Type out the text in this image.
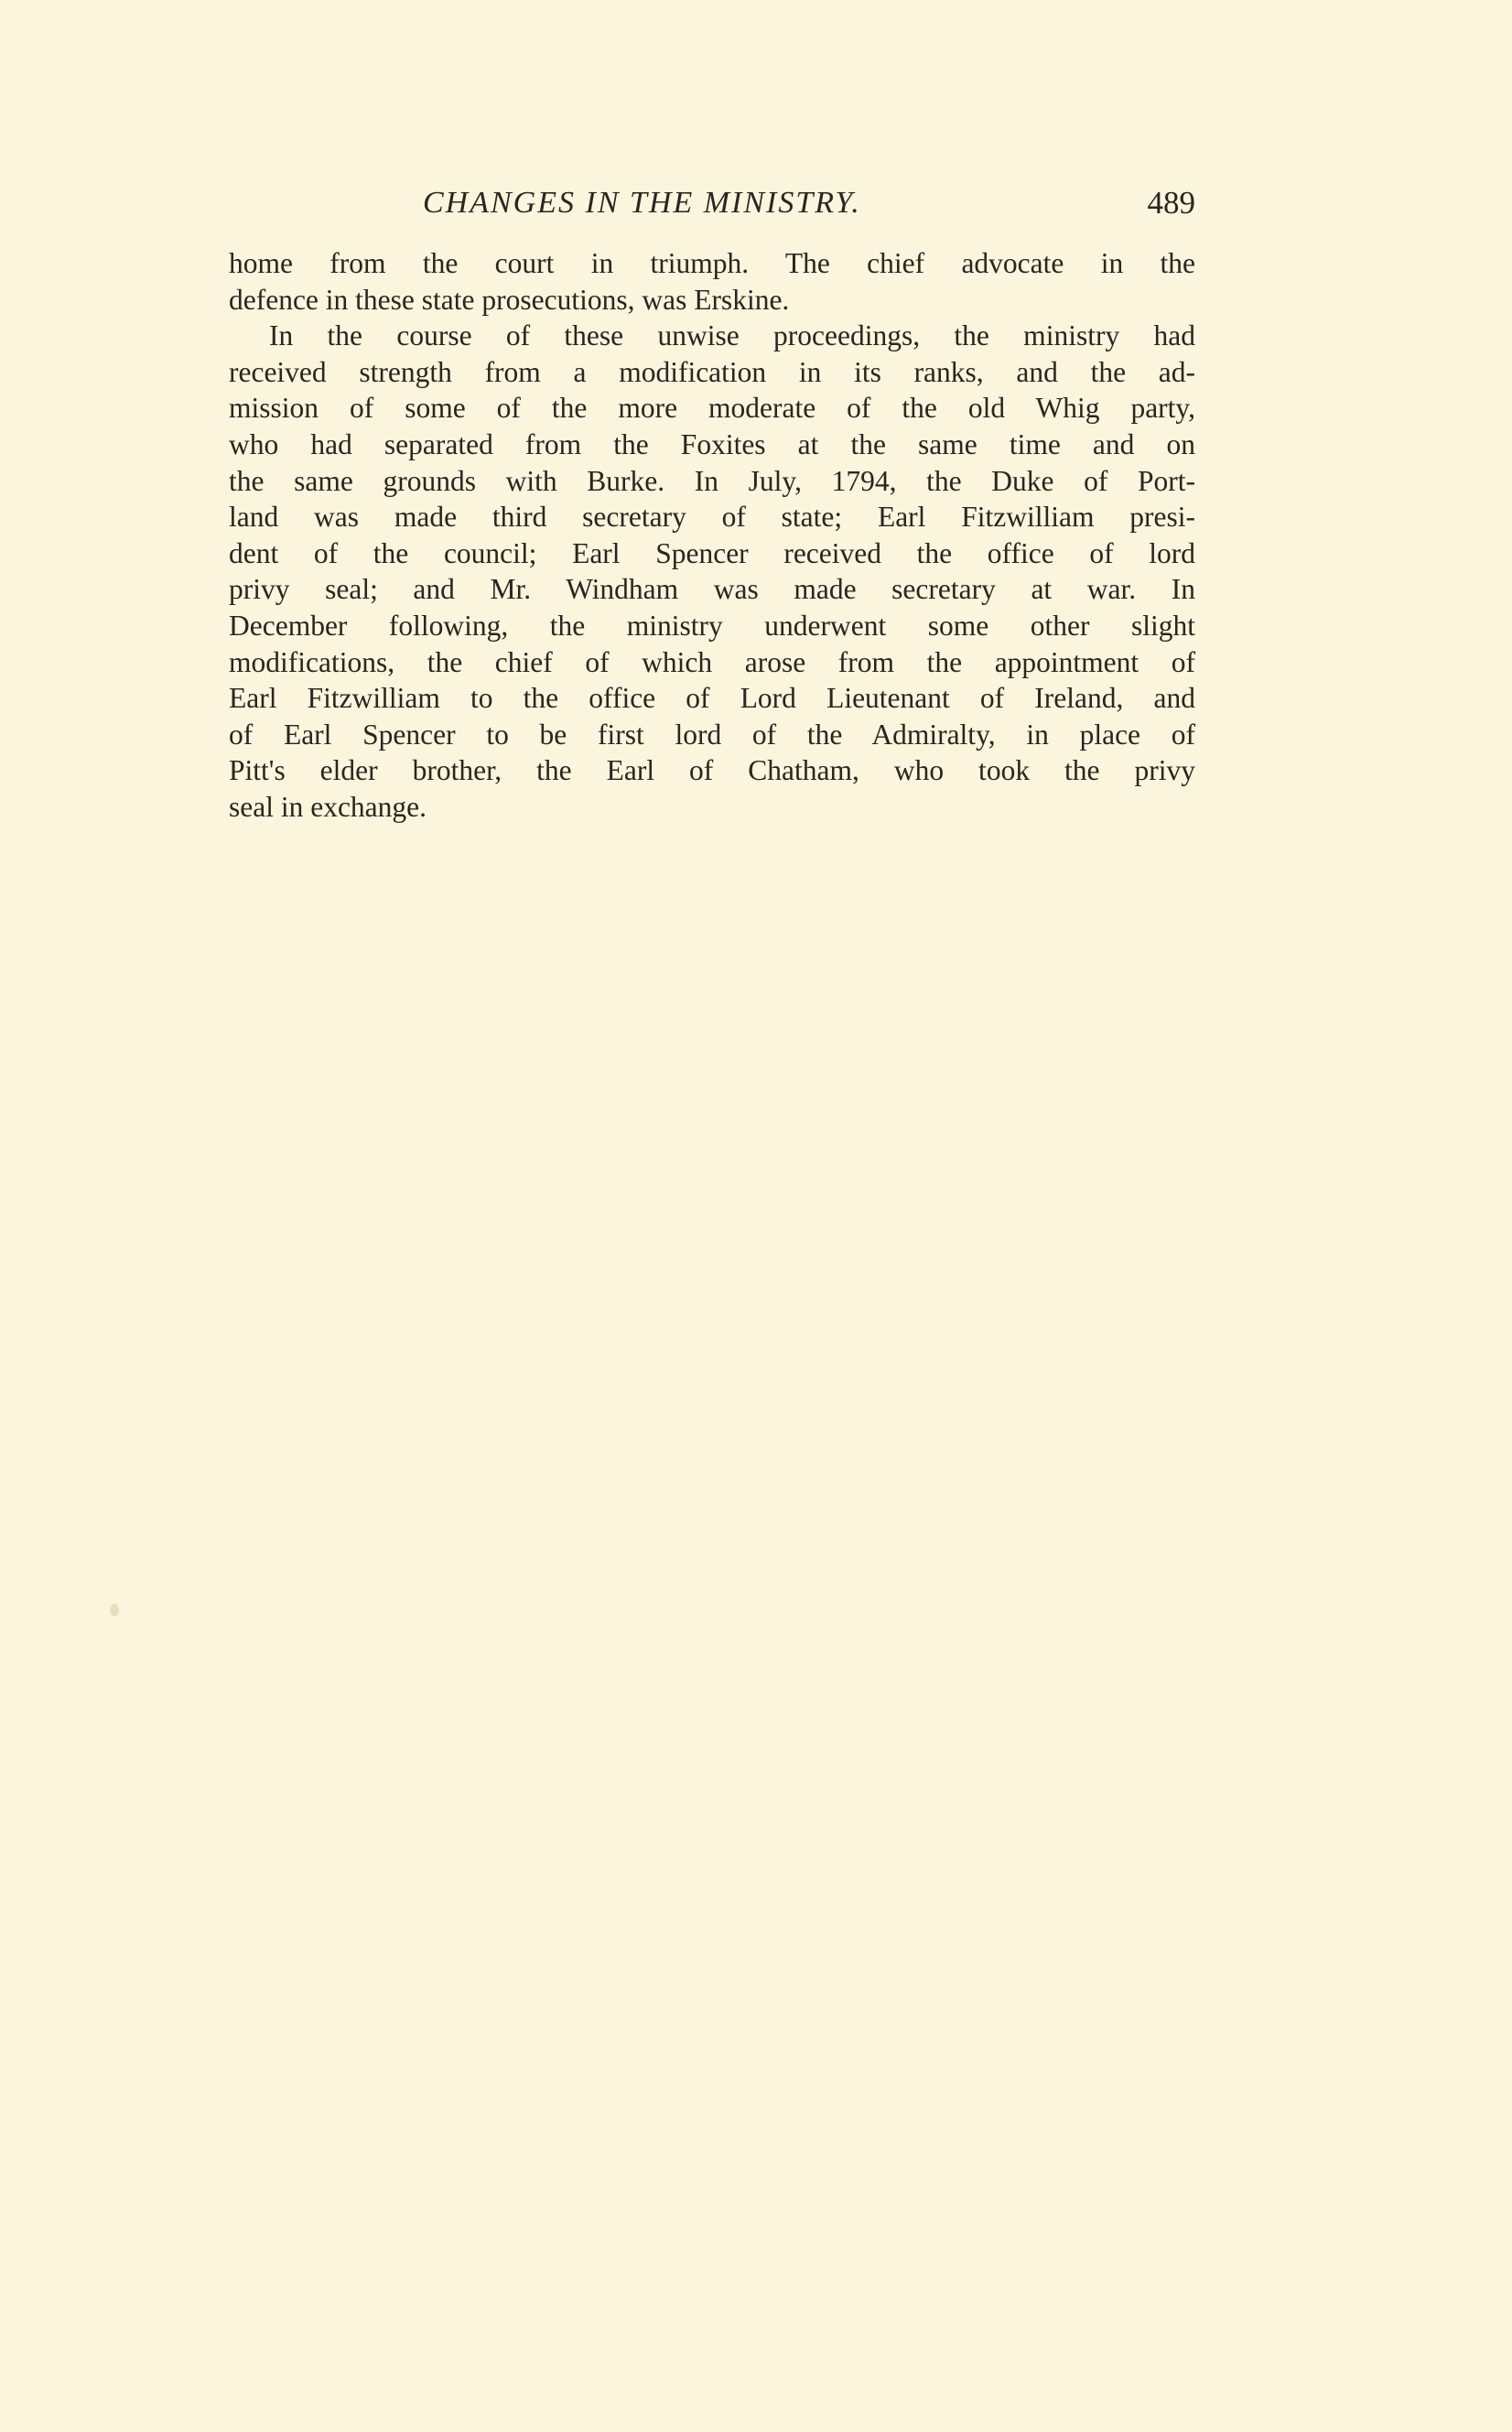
CHANGES IN THE MINISTRY.	489

home from the court in triumph. The chief advocate in the
defence in these state prosecutions, was Erskine.

In the course of these unwise proceedings, the ministry had
received strength from a modification in its ranks, and the ad-
mission of some of the more moderate of the old Whig party,
who had separated from the Foxites at the same time and on
the same grounds with Burke. In July, 1794, the Duke of Port-
land was made third secretary of state; Earl Fitzwilliam presi-
dent of the council; Earl Spencer received the office of lord
privy seal; and Mr. Windham was made secretary at war. In
December following, the ministry underwent some other slight
modifications, the chief of which arose from the appointment of
Earl Fitzwilliam to the office of Lord Lieutenant of Ireland, and
of Earl Spencer to be first lord of the Admiralty, in place of
Pitt's elder brother, the Earl of Chatham, who took the privy
seal in exchange.
